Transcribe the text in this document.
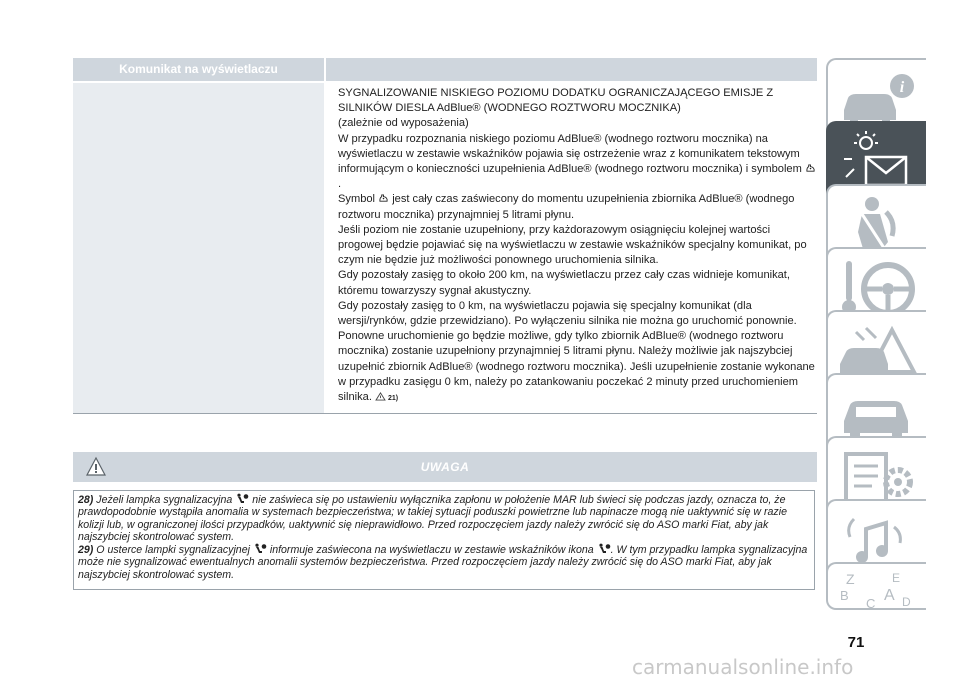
Komunikat na wyświetlaczu

SYGNALIZOWANIE NISKIEGO POZIOMU DODATKU OGRANICZAJĄCEGO EMISJE Z SILNIKÓW DIESLA AdBlue® (WODNEGO ROZTWORU MOCZNIKA)

(zależnie od wyposażenia)

W przypadku rozpoznania niskiego poziomu AdBlue® (wodnego roztworu mocznika) na wyświetlaczu w zestawie wskaźników pojawia się ostrzeżenie wraz z komunikatem tekstowym informującym o konieczności uzupełnienia AdBlue® (wodnego roztworu mocznika) i symbolem .

Symbol jest cały czas zaświecony do momentu uzupełnienia zbiornika AdBlue® (wodnego roztworu mocznika) przynajmniej 5 litrami płynu.

Jeśli poziom nie zostanie uzupełniony, przy każdorazowym osiągnięciu kolejnej wartości progowej będzie pojawiać się na wyświetlaczu w zestawie wskaźników specjalny komunikat, po czym nie będzie już możliwości ponownego uruchomienia silnika.

Gdy pozostały zasięg to około 200 km, na wyświetlaczu przez cały czas widnieje komunikat, któremu towarzyszy sygnał akustyczny.

Gdy pozostały zasięg to 0 km, na wyświetlaczu pojawia się specjalny komunikat (dla wersji/rynków, gdzie przewidziano). Po wyłączeniu silnika nie można go uruchomić ponownie.

Ponowne uruchomienie go będzie możliwe, gdy tylko zbiornik AdBlue® (wodnego roztworu mocznika) zostanie uzupełniony przynajmniej 5 litrami płynu. Należy możliwie jak najszybciej uzupełnić zbiornik AdBlue® (wodnego roztworu mocznika). Jeśli uzupełnienie zostanie wykonane w przypadku zasięgu 0 km, należy po zatankowaniu poczekać 2 minuty przed uruchomieniem silnika. 21)

UWAGA

28) Jeżeli lampka sygnalizacyjna nie zaświeca się po ustawieniu wyłącznika zapłonu w położenie MAR lub świeci się podczas jazdy, oznacza to, że prawdopodobnie wystąpiła anomalia w systemach bezpieczeństwa; w takiej sytuacji poduszki powietrzne lub napinacze mogą nie uaktywnić się w razie kolizji lub, w ograniczonej ilości przypadków, uaktywnić się nieprawidłowo. Przed rozpoczęciem jazdy należy zwrócić się do ASO marki Fiat, aby jak najszybciej skontrolować system.

29) O usterce lampki sygnalizacyjnej informuje zaświecona na wyświetlaczu w zestawie wskaźników ikona . W tym przypadku lampka sygnalizacyjna może nie sygnalizować ewentualnych anomalii systemów bezpieczeństwa. Przed rozpoczęciem jazdy należy zwrócić się do ASO marki Fiat, aby jak najszybciej skontrolować system.

i
Z	E
B A
C D
71
carmanualsonline.info
